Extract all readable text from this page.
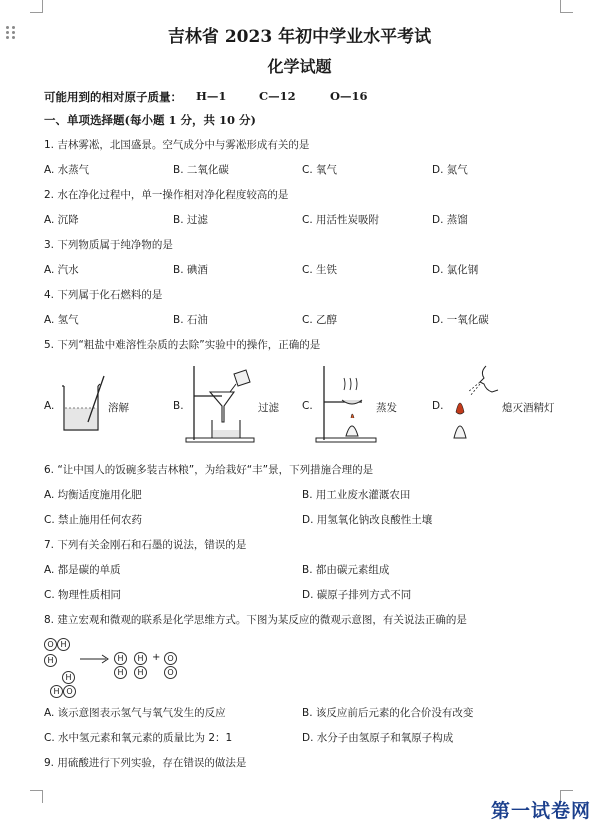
吉林省 2023 年初中学业水平考试
化学试题
可能用到的相对原子质量： H—1	C—12	O—16
一、单项选择题(每小题 1 分，共 10 分)
1. 吉林雾凇，北国盛景。空气成分中与雾凇形成有关的是
A. 水蒸气	B. 二氧化碳	C. 氧气	D. 氮气
2. 水在净化过程中，单一操作相对净化程度较高的是
A. 沉降	B. 过滤	C. 用活性炭吸附	D. 蒸馏
3. 下列物质属于纯净物的是
A. 汽水	B. 碘酒	C. 生铁	D. 氯化钢
4. 下列属于化石燃料的是
A. 氢气	B. 石油	C. 乙醇	D. 一氧化碳
5. 下列“粗盐中难溶性杂质的去除”实验中的操作，正确的是
A.	溶解	B.	过滤 C.	蒸发	D.	熄灭酒精灯
6. “让中国人的饭碗多装吉林粮”，为给栽好“丰”景，下列措施合理的是
A. 均衡适度施用化肥	B. 用工业废水灌溉农田
C. 禁止施用任何农药	D. 用氢氧化钠改良酸性土壤
7. 下列有关金刚石和石墨的说法，错误的是
A. 都是碳的单质	B. 都由碳元素组成
C. 物理性质相同	D. 碳原子排列方式不同
8. 建立宏观和微观的联系是化学思维方式。下图为某反应的微观示意图，有关说法正确的是
O H
H
H
H O
→ H
H
H
H
+ O
O
A. 该示意图表示氢气与氧气发生的反应	B. 该反应前后元素的化合价没有改变
C. 水中氢元素和氧元素的质量比为 2：1	D. 水分子由氢原子和氧原子构成
9. 用硫酸进行下列实验，存在错误的做法是
第一试卷网
